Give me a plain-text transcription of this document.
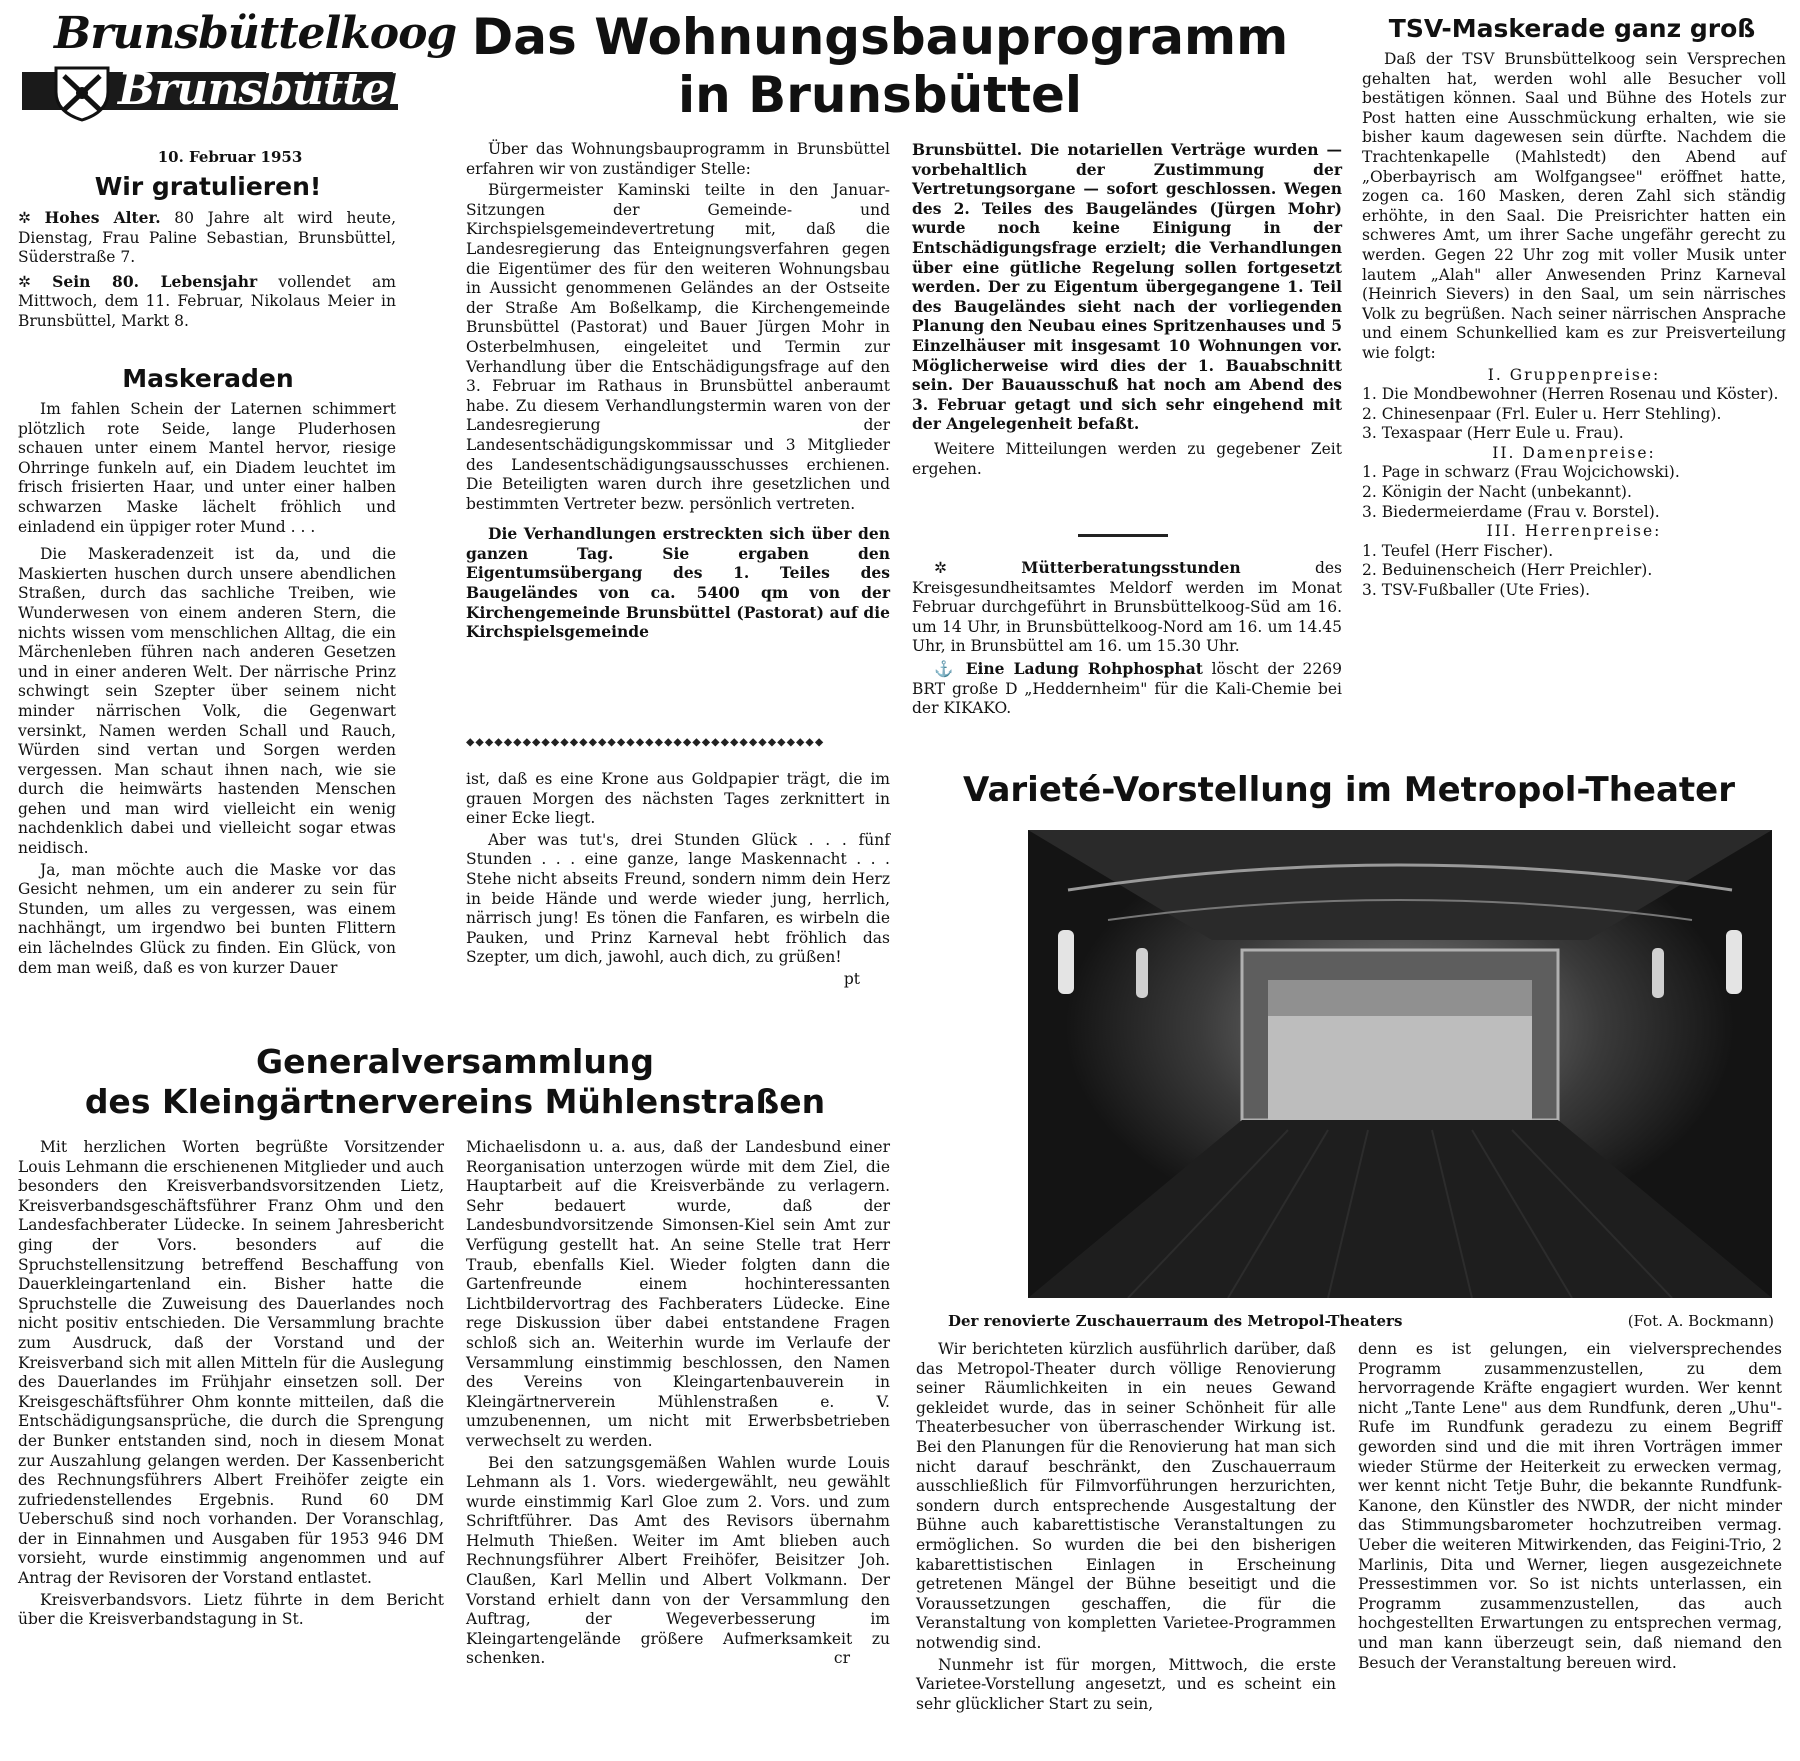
Brunsbüttelkoog
Brunsbüttel
10. Februar 1953
Wir gratulieren!

✲ Hohes Alter. 80 Jahre alt wird heute, Dienstag, Frau Paline Sebastian, Brunsbüttel, Süderstraße 7.

✲ Sein 80. Lebensjahr vollendet am Mittwoch, dem 11. Februar, Nikolaus Meier in Brunsbüttel, Markt 8.

Maskeraden

Im fahlen Schein der Laternen schimmert plötzlich rote Seide, lange Pluderhosen schauen unter einem Mantel hervor, riesige Ohrringe funkeln auf, ein Diadem leuchtet im frisch frisierten Haar, und unter einer halben schwarzen Maske lächelt fröhlich und einladend ein üppiger roter Mund . . .

Die Maskeradenzeit ist da, und die Maskierten huschen durch unsere abendlichen Straßen, durch das sachliche Treiben, wie Wunderwesen von einem anderen Stern, die nichts wissen vom menschlichen Alltag, die ein Märchenleben führen nach anderen Gesetzen und in einer anderen Welt. Der närrische Prinz schwingt sein Szepter über seinem nicht minder närrischen Volk, die Gegenwart versinkt, Namen werden Schall und Rauch, Würden sind vertan und Sorgen werden vergessen. Man schaut ihnen nach, wie sie durch die heimwärts hastenden Menschen gehen und man wird vielleicht ein wenig nachdenklich dabei und vielleicht sogar etwas neidisch.

Ja, man möchte auch die Maske vor das Gesicht nehmen, um ein anderer zu sein für Stunden, um alles zu vergessen, was einem nachhängt, um irgendwo bei bunten Flittern ein lächelndes Glück zu finden. Ein Glück, von dem man weiß, daß es von kurzer Dauer

Das Wohnungsbauprogramm
in Brunsbüttel

Über das Wohnungsbauprogramm in Brunsbüttel erfahren wir von zuständiger Stelle:

Bürgermeister Kaminski teilte in den Januar-Sitzungen der Gemeinde- und Kirchspielsgemeindevertretung mit, daß die Landesregierung das Enteignungsverfahren gegen die Eigentümer des für den weiteren Wohnungsbau in Aussicht genommenen Geländes an der Ostseite der Straße Am Boßelkamp, die Kirchengemeinde Brunsbüttel (Pastorat) und Bauer Jürgen Mohr in Osterbelmhusen, eingeleitet und Termin zur Verhandlung über die Entschädigungsfrage auf den 3. Februar im Rathaus in Brunsbüttel anberaumt habe. Zu diesem Verhandlungstermin waren von der Landesregierung der Landesentschädigungskommissar und 3 Mitglieder des Landesentschädigungsausschusses erchienen. Die Beteiligten waren durch ihre gesetzlichen und bestimmten Vertreter bezw. persönlich vertreten.

Die Verhandlungen erstreckten sich über den ganzen Tag. Sie ergaben den Eigentumsübergang des 1. Teiles des Baugeländes von ca. 5400 qm von der Kirchengemeinde Brunsbüttel (Pastorat) auf die Kirchspielsgemeinde

◆◆◆◆◆◆◆◆◆◆◆◆◆◆◆◆◆◆◆◆◆◆◆◆◆◆◆◆◆◆◆◆◆◆◆◆◆◆

ist, daß es eine Krone aus Goldpapier trägt, die im grauen Morgen des nächsten Tages zerknittert in einer Ecke liegt.

Aber was tut's, drei Stunden Glück . . . fünf Stunden . . . eine ganze, lange Maskennacht . . . Stehe nicht abseits Freund, sondern nimm dein Herz in beide Hände und werde wieder jung, herrlich, närrisch jung! Es tönen die Fanfaren, es wirbeln die Pauken, und Prinz Karneval hebt fröhlich das Szepter, um dich, jawohl, auch dich, zu grüßen!

pt

Brunsbüttel. Die notariellen Verträge wurden — vorbehaltlich der Zustimmung der Vertretungsorgane — sofort geschlossen. Wegen des 2. Teiles des Baugeländes (Jürgen Mohr) wurde noch keine Einigung in der Entschädigungsfrage erzielt; die Verhandlungen über eine gütliche Regelung sollen fortgesetzt werden. Der zu Eigentum übergegangene 1. Teil des Baugeländes sieht nach der vorliegenden Planung den Neubau eines Spritzenhauses und 5 Einzelhäuser mit insgesamt 10 Wohnungen vor. Möglicherweise wird dies der 1. Bauabschnitt sein. Der Bauausschuß hat noch am Abend des 3. Februar getagt und sich sehr eingehend mit der Angelegenheit befaßt.

Weitere Mitteilungen werden zu gegebener Zeit ergehen.

✲ Mütterberatungsstunden	des Kreisgesundheitsamtes Meldorf werden im Monat Februar durchgeführt in Brunsbüttelkoog-Süd am 16. um 14 Uhr, in Brunsbüttelkoog-Nord am 16. um 14.45 Uhr, in Brunsbüttel am 16. um 15.30 Uhr.

⚓ Eine Ladung Rohphosphat löscht der 2269 BRT große D „Heddernheim" für die Kali-Chemie bei der KIKAKO.

TSV-Maskerade ganz groß

Daß der TSV Brunsbüttelkoog sein Versprechen gehalten hat, werden wohl alle Besucher voll bestätigen können. Saal und Bühne des Hotels zur Post hatten eine Ausschmückung erhalten, wie sie bisher kaum dagewesen sein dürfte. Nachdem die Trachtenkapelle (Mahlstedt) den Abend auf „Oberbayrisch am Wolfgangsee" eröffnet hatte, zogen ca. 160 Masken, deren Zahl sich ständig erhöhte, in den Saal. Die Preisrichter hatten ein schweres Amt, um ihrer Sache ungefähr gerecht zu werden. Gegen 22 Uhr zog mit voller Musik unter lautem „Alah" aller Anwesenden Prinz Karneval (Heinrich Sievers) in den Saal, um sein närrisches Volk zu begrüßen. Nach seiner närrischen Ansprache und einem Schunkellied kam es zur Preisverteilung wie folgt:

I. Gruppenpreise:

1. Die Mondbewohner (Herren Rosenau und Köster).
2. Chinesenpaar (Frl. Euler u. Herr Stehling).
3. Texaspaar (Herr Eule u. Frau).

II. Damenpreise:

1. Page in schwarz (Frau Wojcichowski).
2. Königin der Nacht (unbekannt).
3. Biedermeierdame (Frau v. Borstel).

III. Herrenpreise:

1. Teufel (Herr Fischer).
2. Beduinenscheich (Herr Preichler).
3. TSV-Fußballer (Ute Fries).
Varieté-Vorstellung im Metropol-Theater
Der renovierte Zuschauerraum des Metropol-Theaters	(Fot. A. Bockmann)

Wir berichteten kürzlich ausführlich darüber, daß das Metropol-Theater durch völlige Renovierung seiner Räumlichkeiten in ein neues Gewand gekleidet wurde, das in seiner Schönheit für alle Theaterbesucher von überraschender Wirkung ist. Bei den Planungen für die Renovierung hat man sich nicht darauf beschränkt, den Zuschauerraum ausschließlich für Filmvorführungen herzurichten, sondern durch entsprechende Ausgestaltung der Bühne auch kabarettistische Veranstaltungen zu ermöglichen. So wurden die bei den bisherigen kabarettistischen Einlagen in Erscheinung getretenen Mängel der Bühne beseitigt und die Voraussetzungen geschaffen, die für die Veranstaltung von kompletten Varietee-Programmen notwendig sind.

Nunmehr ist für morgen, Mittwoch, die erste Varietee-Vorstellung angesetzt, und es scheint ein sehr glücklicher Start zu sein,

denn es ist gelungen, ein vielversprechendes Programm zusammenzustellen, zu dem hervorragende Kräfte engagiert wurden. Wer kennt nicht „Tante Lene" aus dem Rundfunk, deren „Uhu"-Rufe im Rundfunk geradezu zu einem Begriff geworden sind und die mit ihren Vorträgen immer wieder Stürme der Heiterkeit zu erwecken vermag, wer kennt nicht Tetje Buhr, die bekannte Rundfunk-Kanone, den Künstler des NWDR, der nicht minder das Stimmungsbarometer hochzutreiben vermag. Ueber die weiteren Mitwirkenden, das Feigini-Trio, 2 Marlinis, Dita und Werner, liegen ausgezeichnete Pressestimmen vor. So ist nichts unterlassen, ein Programm zusammenzustellen, das auch hochgestellten Erwartungen zu entsprechen vermag, und man kann überzeugt sein, daß niemand den Besuch der Veranstaltung bereuen wird.

Generalversammlung
des Kleingärtnervereins Mühlenstraßen

Mit herzlichen Worten begrüßte Vorsitzender Louis Lehmann die erschienenen Mitglieder und auch besonders den Kreisverbandsvorsitzenden Lietz, Kreisverbandsgeschäftsführer Franz Ohm und den Landesfachberater Lüdecke. In seinem Jahresbericht ging der Vors. besonders auf die Spruchstellensitzung betreffend Beschaffung von Dauerkleingartenland ein. Bisher hatte die Spruchstelle die Zuweisung des Dauerlandes noch nicht positiv entschieden. Die Versammlung brachte zum Ausdruck, daß der Vorstand und der Kreisverband sich mit allen Mitteln für die Auslegung des Dauerlandes im Frühjahr einsetzen soll. Der Kreisgeschäftsführer Ohm konnte mitteilen, daß die Entschädigungsansprüche, die durch die Sprengung der Bunker entstanden sind, noch in diesem Monat zur Auszahlung gelangen werden. Der Kassenbericht des Rechnungsführers Albert Freihöfer zeigte ein zufriedenstellendes Ergebnis. Rund 60 DM Ueberschuß sind noch vorhanden. Der Voranschlag, der in Einnahmen und Ausgaben für 1953 946 DM vorsieht, wurde einstimmig angenommen und auf Antrag der Revisoren der Vorstand entlastet.

Kreisverbandsvors. Lietz führte in dem Bericht über die Kreisverbandstagung in St.

Michaelisdonn u. a. aus, daß der Landesbund einer Reorganisation unterzogen würde mit dem Ziel, die Hauptarbeit auf die Kreisverbände zu verlagern. Sehr bedauert wurde, daß der Landesbundvorsitzende Simonsen-Kiel sein Amt zur Verfügung gestellt hat. An seine Stelle trat Herr Traub, ebenfalls Kiel. Wieder folgten dann die Gartenfreunde einem hochinteressanten Lichtbildervortrag des Fachberaters Lüdecke. Eine rege Diskussion über dabei entstandene Fragen schloß sich an. Weiterhin wurde im Verlaufe der Versammlung einstimmig beschlossen, den Namen des Vereins von Kleingartenbauverein in Kleingärtnerverein Mühlenstraßen e. V. umzubenennen, um nicht mit Erwerbsbetrieben verwechselt zu werden.

Bei den satzungsgemäßen Wahlen wurde Louis Lehmann als 1. Vors. wiedergewählt, neu gewählt wurde einstimmig Karl Gloe zum 2. Vors. und zum Schriftführer. Das Amt des Revisors übernahm Helmuth Thießen. Weiter im Amt blieben auch Rechnungsführer Albert Freihöfer, Beisitzer Joh. Claußen, Karl Mellin und Albert Volkmann. Der Vorstand erhielt dann von der Versammlung den Auftrag, der Wegeverbesserung im Kleingartengelände größere Aufmerksamkeit zu schenken.	cr
